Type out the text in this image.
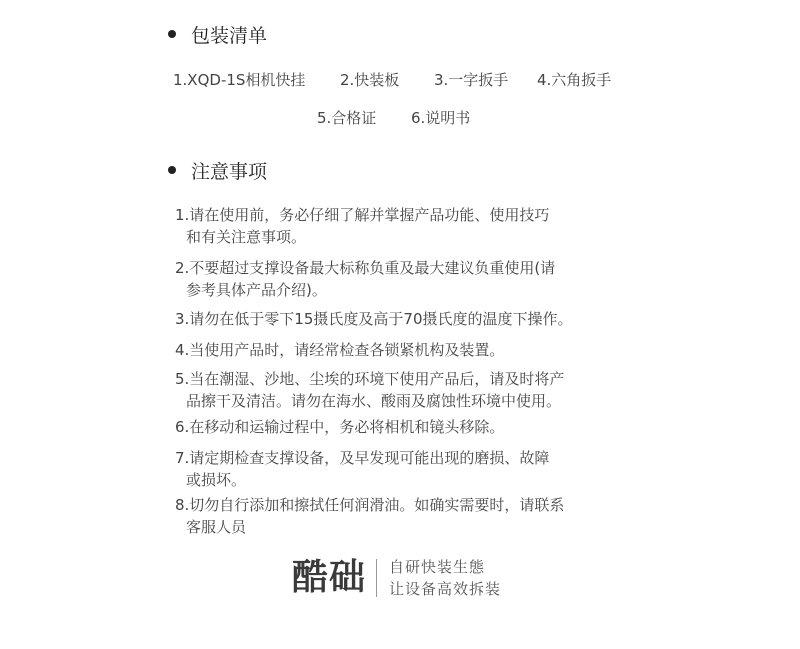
包装清单
1.XQD-1S相机快挂 2.快装板 3.一字扳手 4.六角扳手
5.合格证 6.说明书
注意事项
1.请在使用前，务必仔细了解并掌握产品功能、使用技巧
和有关注意事项。
2.不要超过支撑设备最大标称负重及最大建议负重使用(请
参考具体产品介绍)。
3.请勿在低于零下15摄氏度及高于70摄氏度的温度下操作。
4.当使用产品时，请经常检查各锁紧机构及装置。
5.当在潮湿、沙地、尘埃的环境下使用产品后，请及时将产
品擦干及清洁。请勿在海水、酸雨及腐蚀性环境中使用。
6.在移动和运输过程中，务必将相机和镜头移除。
7.请定期检查支撑设备，及早发现可能出现的磨损、故障
或损坏。
8.切勿自行添加和擦拭任何润滑油。如确实需要时，请联系
客服人员
酷础 自研快装生態
让设备高效拆装
